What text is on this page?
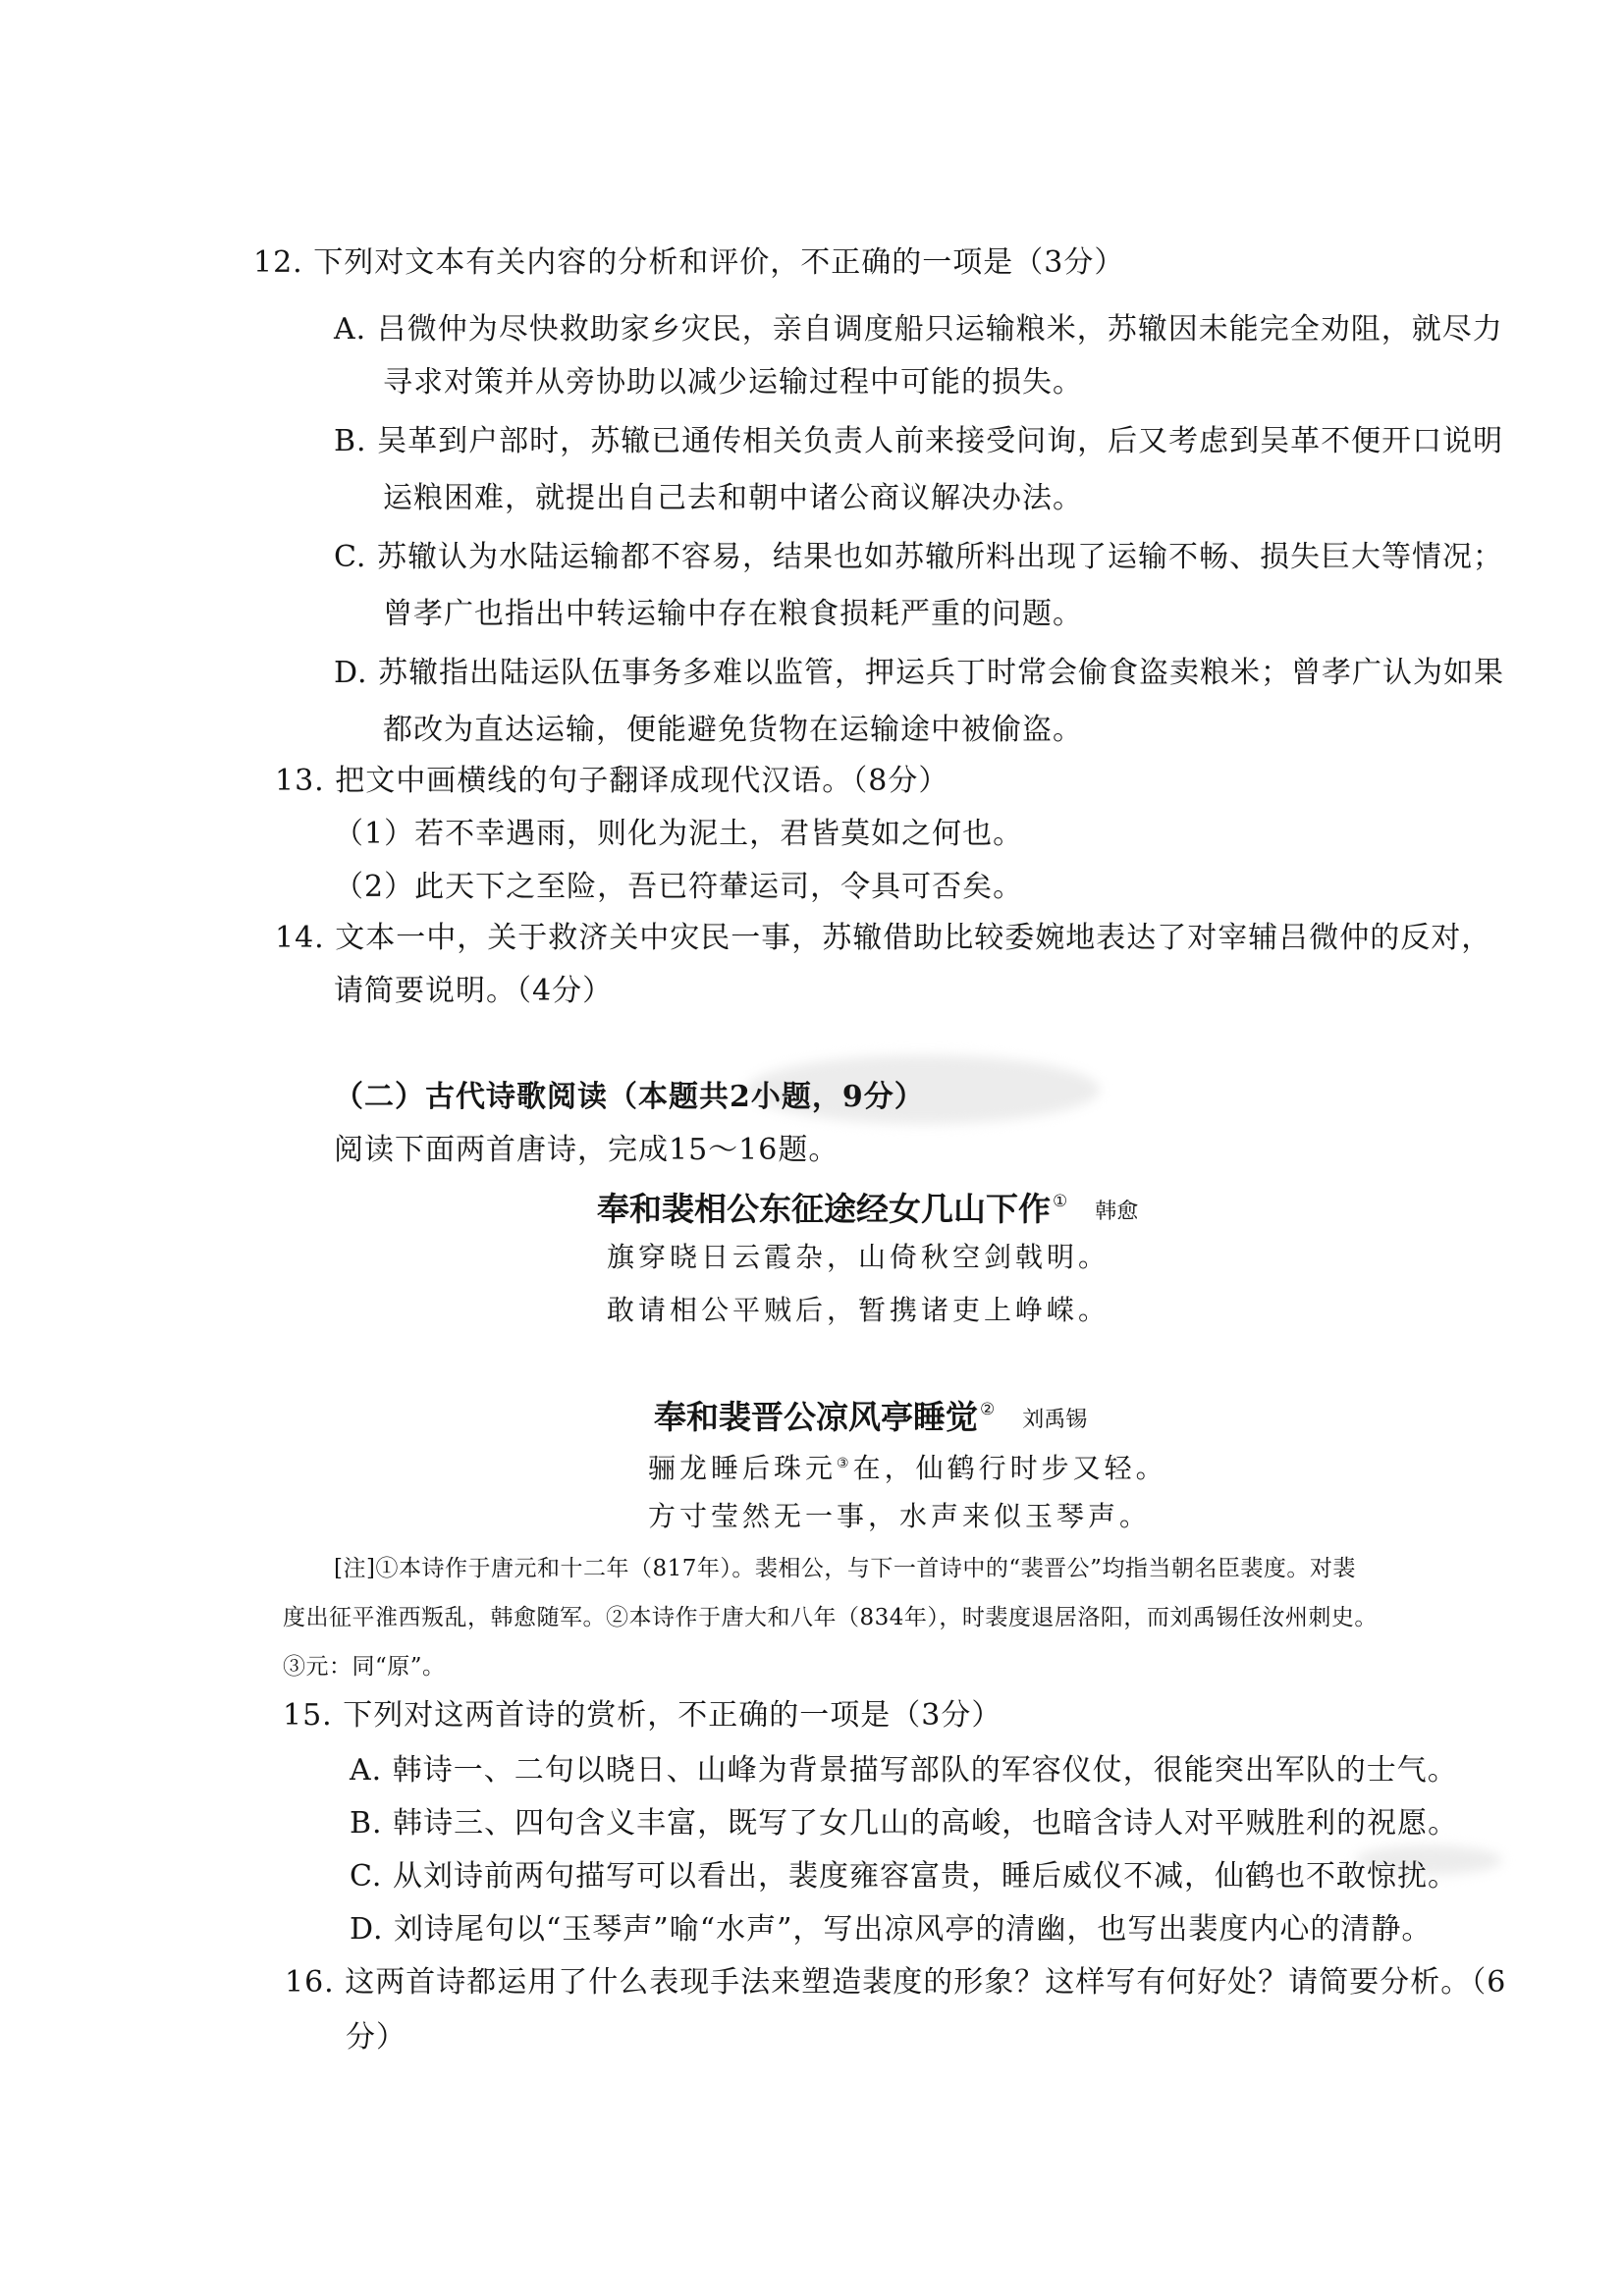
12. 下列对文本有关内容的分析和评价，不正确的一项是（3分）
A. 吕微仲为尽快救助家乡灾民，亲自调度船只运输粮米，苏辙因未能完全劝阻，就尽力
寻求对策并从旁协助以减少运输过程中可能的损失。
B. 吴革到户部时，苏辙已通传相关负责人前来接受问询，后又考虑到吴革不便开口说明
运粮困难，就提出自己去和朝中诸公商议解决办法。
C. 苏辙认为水陆运输都不容易，结果也如苏辙所料出现了运输不畅、损失巨大等情况；
曾孝广也指出中转运输中存在粮食损耗严重的问题。
D. 苏辙指出陆运队伍事务多难以监管，押运兵丁时常会偷食盗卖粮米；曾孝广认为如果
都改为直达运输，便能避免货物在运输途中被偷盗。
13. 把文中画横线的句子翻译成现代汉语。（8分）
（1）若不幸遇雨，则化为泥土，君皆莫如之何也。
（2）此天下之至险，吾已符輂运司，令具可否矣。
14. 文本一中，关于救济关中灾民一事，苏辙借助比较委婉地表达了对宰辅吕微仲的反对，
请简要说明。（4分）
（二）古代诗歌阅读（本题共2小题，9分）
阅读下面两首唐诗，完成15～16题。
奉和裴相公东征途经女几山下作 ① 韩愈
旗穿晓日云霞杂，山倚秋空剑戟明。
敢请相公平贼后，暂携诸吏上峥嵘。
奉和裴晋公凉风亭睡觉 ② 刘禹锡
骊龙睡后珠元③在，仙鹤行时步又轻。
方寸莹然无一事，水声来似玉琴声。
[注]①本诗作于唐元和十二年（817年）。裴相公，与下一首诗中的“裴晋公”均指当朝名臣裴度。对裴
度出征平淮西叛乱，韩愈随军。②本诗作于唐大和八年（834年），时裴度退居洛阳，而刘禹锡任汝州刺史。
③元：同“原”。
15. 下列对这两首诗的赏析，不正确的一项是（3分）
A. 韩诗一、二句以晓日、山峰为背景描写部队的军容仪仗，很能突出军队的士气。
B. 韩诗三、四句含义丰富，既写了女几山的高峻，也暗含诗人对平贼胜利的祝愿。
C. 从刘诗前两句描写可以看出，裴度雍容富贵，睡后威仪不减，仙鹤也不敢惊扰。
D. 刘诗尾句以“玉琴声”喻“水声”，写出凉风亭的清幽，也写出裴度内心的清静。
16. 这两首诗都运用了什么表现手法来塑造裴度的形象？这样写有何好处？请简要分析。（6
分）
